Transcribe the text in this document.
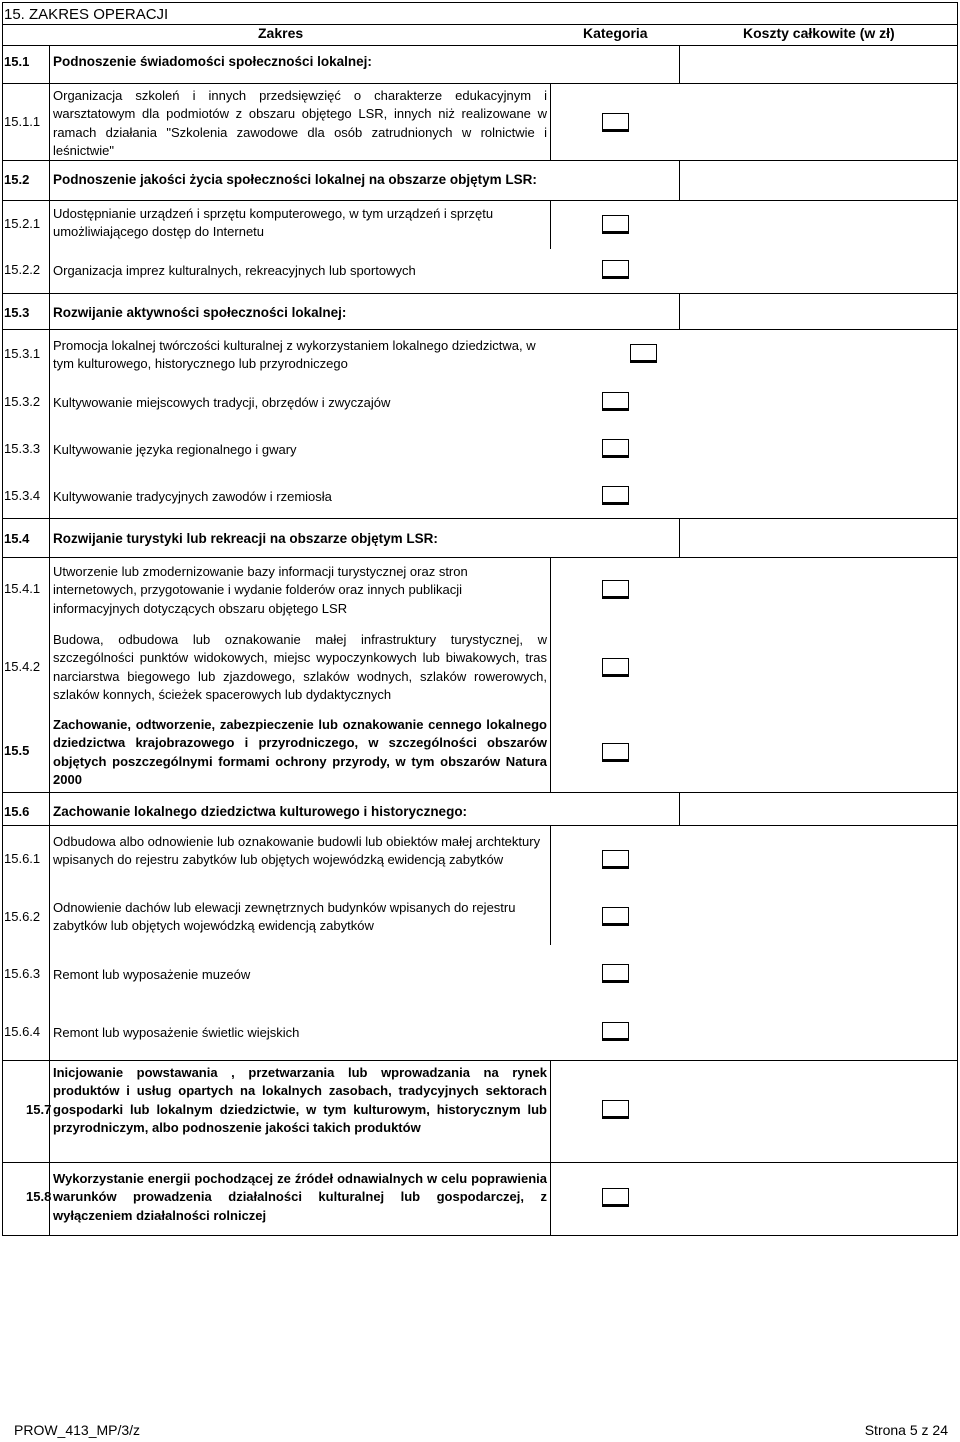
15. ZAKRES OPERACJI
Zakres	Kategoria	Koszty całkowite (w zł)
15.1 Podnoszenie świadomości społeczności lokalnej:
15.1.1
Organizacja szkoleń i innych przedsięwzięć o charakterze edukacyjnym i warsztatowym dla podmiotów z obszaru objętego LSR, innych niż realizowane w ramach działania "Szkolenia zawodowe dla osób zatrudnionych w rolnictwie i leśnictwie"
15.2 Podnoszenie jakości życia społeczności lokalnej na obszarze objętym LSR:
15.2.1
Udostępnianie urządzeń i sprzętu komputerowego, w tym urządzeń i sprzętu umożliwiającego dostęp do Internetu
15.2.2 Organizacja imprez kulturalnych, rekreacyjnych lub sportowych
15.3 Rozwijanie aktywności społeczności lokalnej:
15.3.1
Promocja lokalnej twórczości kulturalnej z wykorzystaniem lokalnego dziedzictwa, w tym kulturowego, historycznego lub przyrodniczego
15.3.2 Kultywowanie miejscowych tradycji, obrzędów i zwyczajów
15.3.3 Kultywowanie języka regionalnego i gwary
15.3.4 Kultywowanie tradycyjnych zawodów i rzemiosła
15.4 Rozwijanie turystyki lub rekreacji na obszarze objętym LSR:
15.4.1
Utworzenie lub zmodernizowanie bazy informacji turystycznej oraz stron internetowych, przygotowanie i wydanie folderów oraz innych publikacji informacyjnych dotyczących obszaru objętego LSR
15.4.2
Budowa, odbudowa lub oznakowanie małej infrastruktury turystycznej, w szczególności punktów widokowych, miejsc wypoczynkowych lub biwakowych, tras narciarstwa biegowego lub zjazdowego, szlaków wodnych, szlaków rowerowych, szlaków konnych, ścieżek spacerowych lub dydaktycznych
15.5
Zachowanie, odtworzenie, zabezpieczenie lub oznakowanie cennego lokalnego dziedzictwa krajobrazowego i przyrodniczego, w szczególności obszarów objętych poszczególnymi formami ochrony przyrody, w tym obszarów Natura 2000
15.6 Zachowanie lokalnego dziedzictwa kulturowego i historycznego:
15.6.1
Odbudowa albo odnowienie lub oznakowanie budowli lub obiektów małej archtektury wpisanych do rejestru zabytków lub objętych wojewódzką ewidencją zabytków
15.6.2
Odnowienie dachów lub elewacji zewnętrznych budynków wpisanych do rejestru zabytków lub objętych wojewódzką ewidencją zabytków
15.6.3 Remont lub wyposażenie muzeów
15.6.4 Remont lub wyposażenie świetlic wiejskich
15.7
Inicjowanie powstawania , przetwarzania lub wprowadzania na rynek produktów i usług opartych na lokalnych zasobach, tradycyjnych sektorach gospodarki lub lokalnym dziedzictwie, w tym kulturowym, historycznym lub przyrodniczym, albo podnoszenie jakości takich produktów
15.8
Wykorzystanie energii pochodzącej ze źródeł odnawialnych w celu poprawienia warunków prowadzenia działalności kulturalnej lub gospodarczej, z wyłączeniem działalności rolniczej
PROW_413_MP/3/z	Strona 5 z 24
